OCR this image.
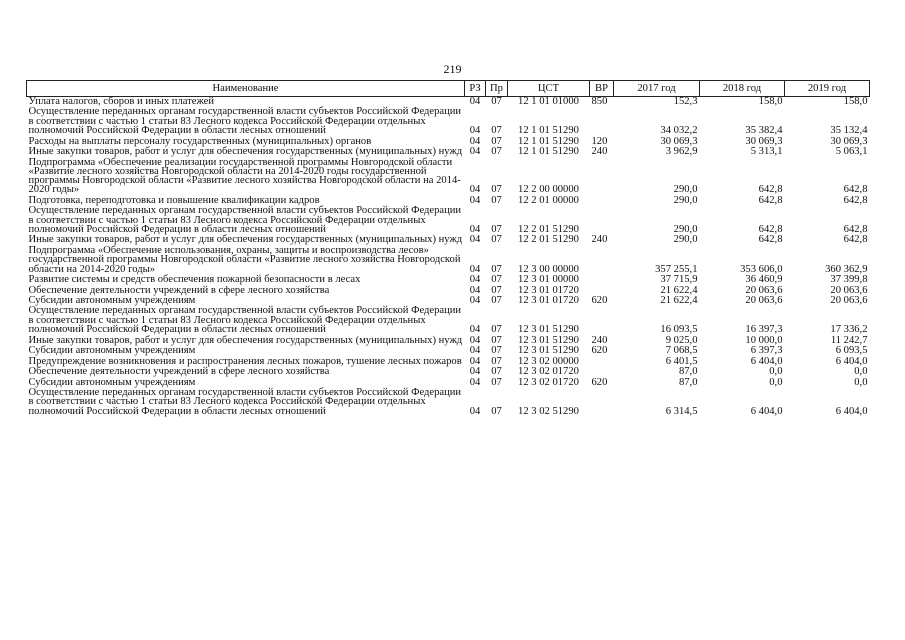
219
Наименование	РЗ	Пр	ЦСТ	ВР	2017 год	2018 год	2019 год
Уплата налогов, сборов и иных платежей	04	07	12 1 01 01000	850	152,3	158,0	158,0
Осуществление переданных органам государственной власти субъектов Российской Федерации в соответствии с частью 1 статьи 83 Лесного кодекса Российской Федерации отдельных полномочий Российской Федерации в области лесных отношений	04	07	12 1 01 51290		34 032,2	35 382,4	35 132,4
Расходы на выплаты персоналу государственных (муниципальных) органов	04	07	12 1 01 51290	120	30 069,3	30 069,3	30 069,3
Иные закупки товаров, работ и услуг для обеспечения государственных (муниципальных) нужд	04	07	12 1 01 51290	240	3 962,9	5 313,1	5 063,1
Подпрограмма «Обеспечение реализации государственной программы Новгородской области «Развитие лесного хозяйства Новгородской области на 2014-2020 годы государственной программы Новгородской области «Развитие лесного хозяйства Новгородской области на 2014-2020 годы»	04	07	12 2 00 00000		290,0	642,8	642,8
Подготовка, переподготовка и повышение квалификации кадров	04	07	12 2 01 00000		290,0	642,8	642,8
Осуществление переданных органам государственной власти субъектов Российской Федерации в соответствии с частью 1 статьи 83 Лесного кодекса Российской Федерации отдельных полномочий Российской Федерации в области лесных отношений	04	07	12 2 01 51290		290,0	642,8	642,8
Иные закупки товаров, работ и услуг для обеспечения государственных (муниципальных) нужд	04	07	12 2 01 51290	240	290,0	642,8	642,8
Подпрограмма «Обеспечение использования, охраны, защиты и воспроизводства лесов» государственной программы Новгородской области «Развитие лесного хозяйства Новгородской области на 2014-2020 годы»	04	07	12 3 00 00000		357 255,1	353 606,0	360 362,9
Развитие системы и средств обеспечения пожарной безопасности в лесах	04	07	12 3 01 00000		37 715,9	36 460,9	37 399,8
Обеспечение деятельности учреждений в сфере лесного хозяйства	04	07	12 3 01 01720		21 622,4	20 063,6	20 063,6
Субсидии автономным учреждениям	04	07	12 3 01 01720	620	21 622,4	20 063,6	20 063,6
Осуществление переданных органам государственной власти субъектов Российской Федерации в соответствии с частью 1 статьи 83 Лесного кодекса Российской Федерации отдельных полномочий Российской Федерации в области лесных отношений	04	07	12 3 01 51290		16 093,5	16 397,3	17 336,2
Иные закупки товаров, работ и услуг для обеспечения государственных (муниципальных) нужд	04	07	12 3 01 51290	240	9 025,0	10 000,0	11 242,7
Субсидии автономным учреждениям	04	07	12 3 01 51290	620	7 068,5	6 397,3	6 093,5
Предупреждение возникновения и распространения лесных пожаров, тушение лесных пожаров	04	07	12 3 02 00000		6 401,5	6 404,0	6 404,0
Обеспечение деятельности учреждений в сфере лесного хозяйства	04	07	12 3 02 01720		87,0	0,0	0,0
Субсидии автономным учреждениям	04	07	12 3 02 01720	620	87,0	0,0	0,0
Осуществление переданных органам государственной власти субъектов Российской Федерации в соответствии с частью 1 статьи 83 Лесного кодекса Российской Федерации отдельных полномочий Российской Федерации в области лесных отношений	04	07	12 3 02 51290		6 314,5	6 404,0	6 404,0
